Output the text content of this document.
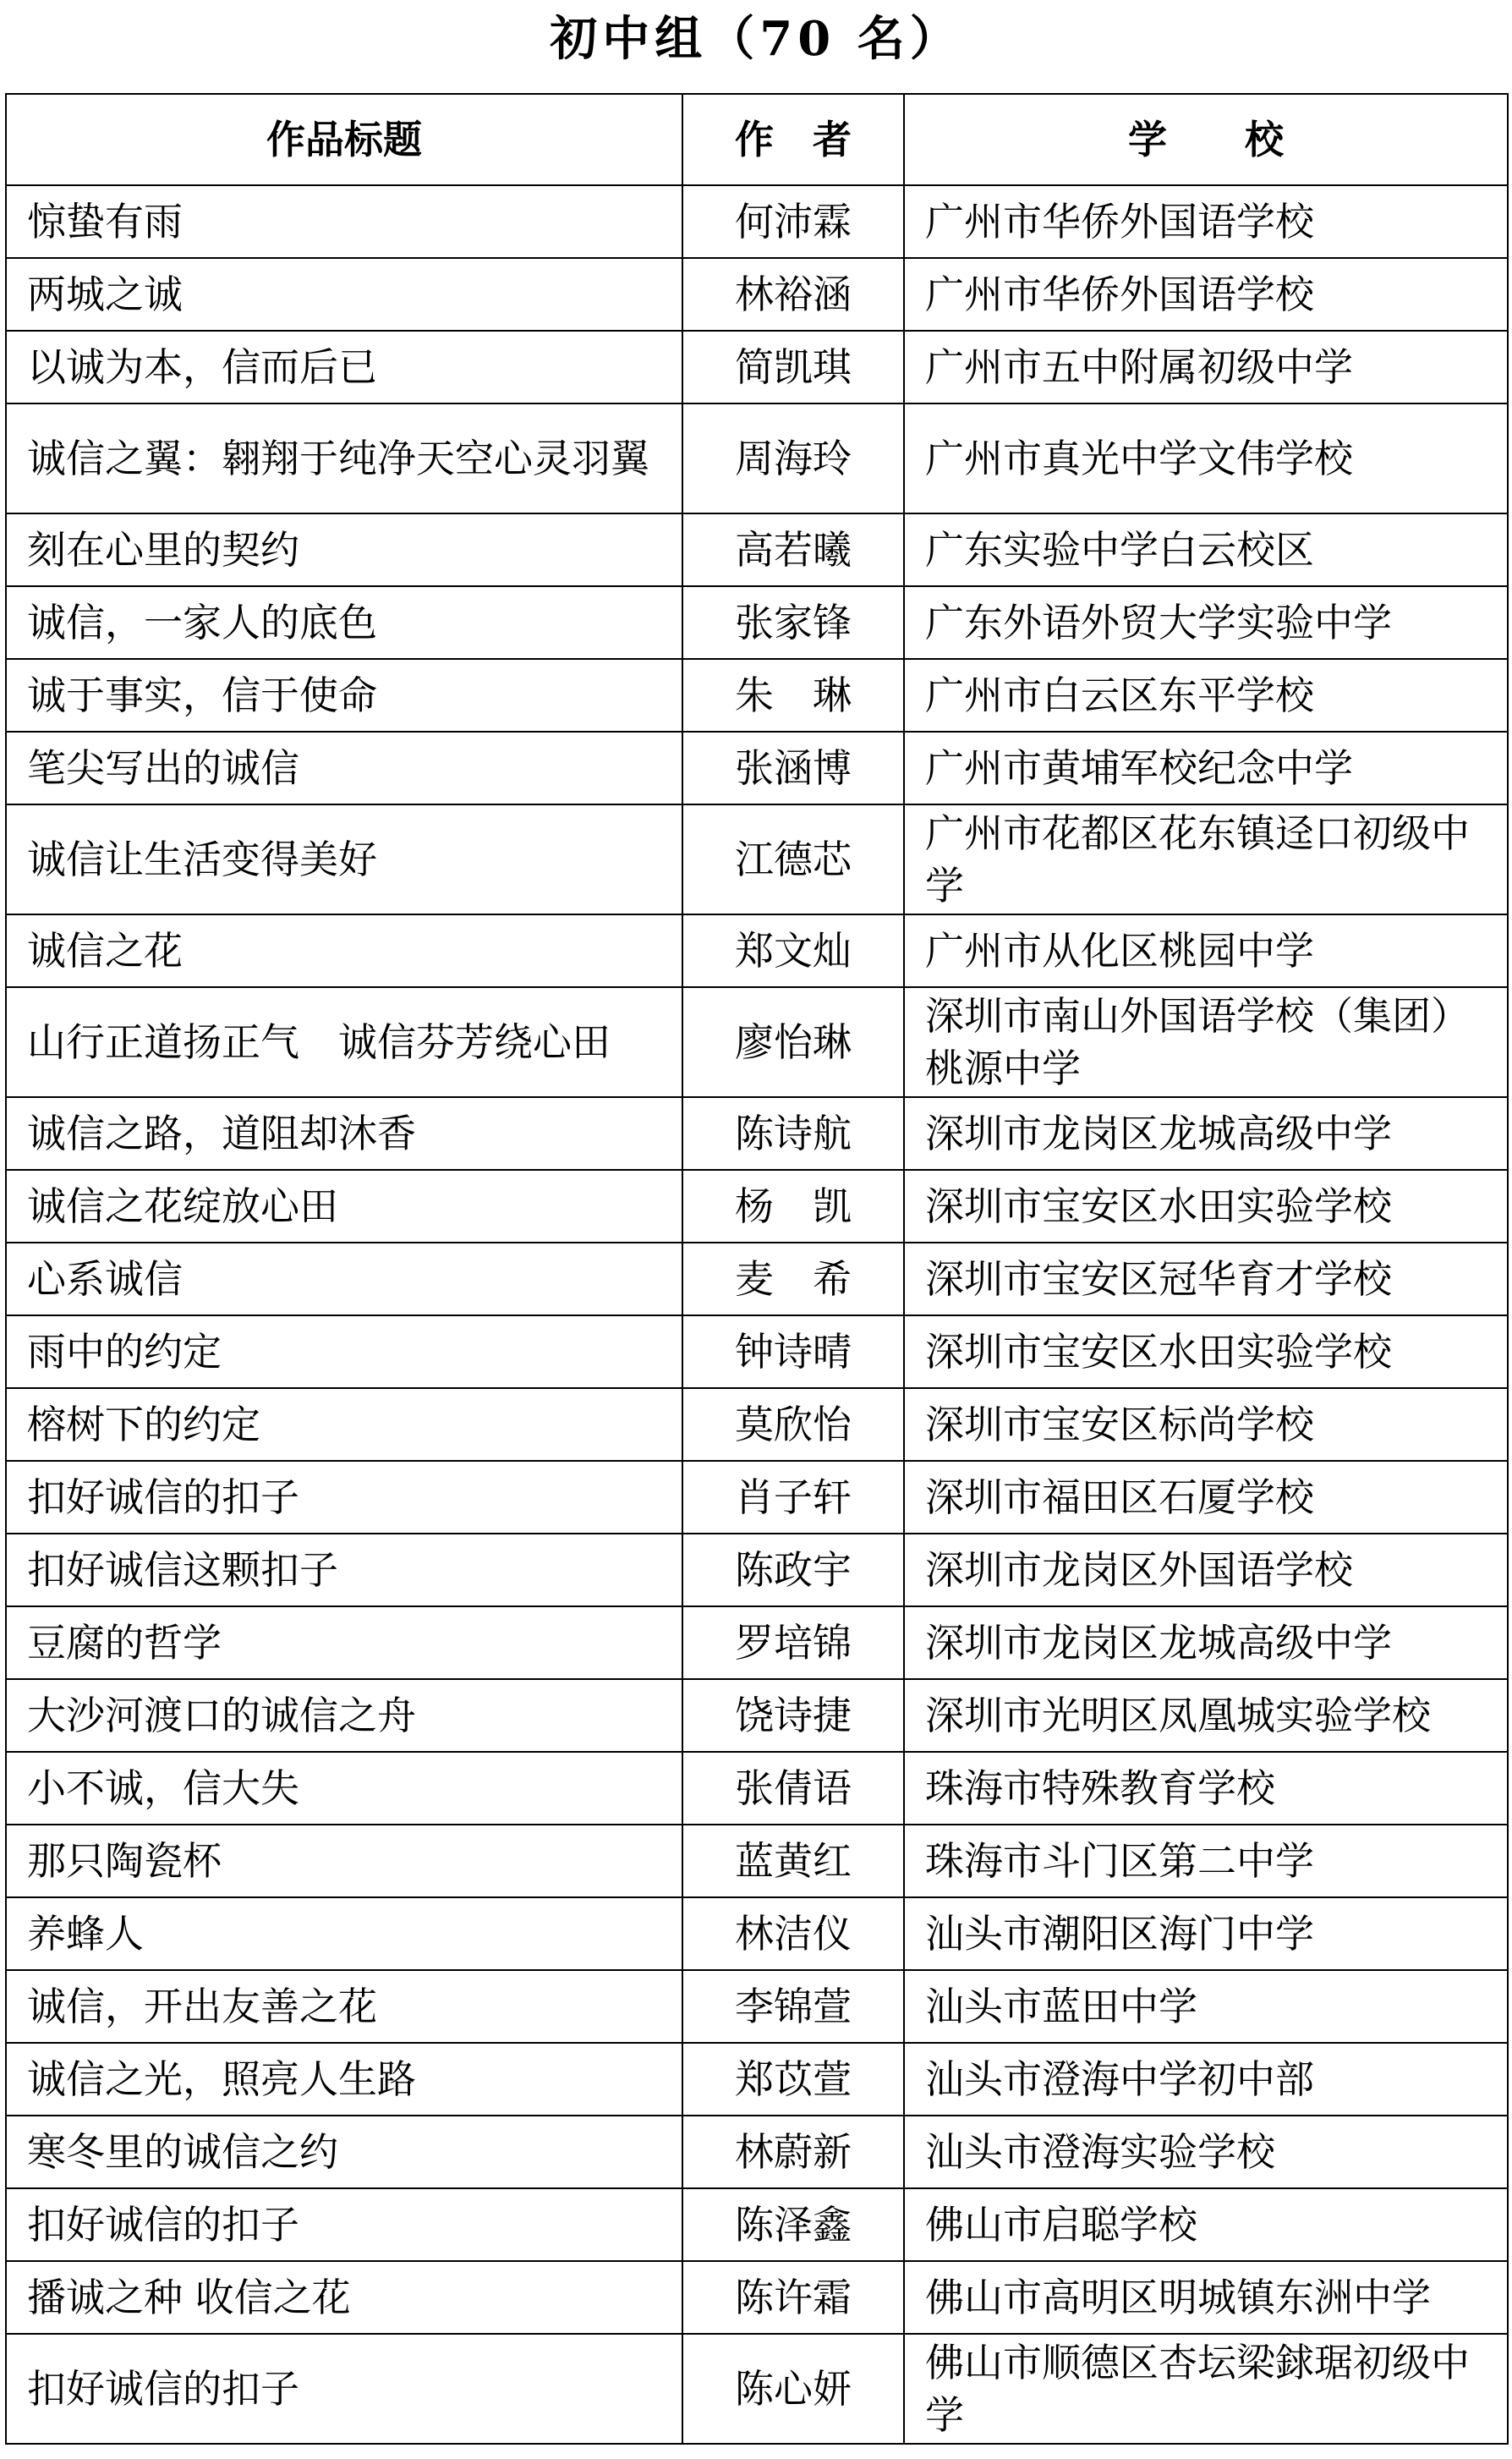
初中组（70 名）
作品标题	作　者	学　　校
惊蛰有雨	何沛霖	广州市华侨外国语学校
两城之诚	林裕涵	广州市华侨外国语学校
以诚为本，信而后已	简凯琪	广州市五中附属初级中学
诚信之翼：翱翔于纯净天空心灵羽翼	周海玲	广州市真光中学文伟学校
刻在心里的契约	高若曦	广东实验中学白云校区
诚信，一家人的底色	张家锋	广东外语外贸大学实验中学
诚于事实，信于使命	朱　琳	广州市白云区东平学校
笔尖写出的诚信	张涵博	广州市黄埔军校纪念中学
诚信让生活变得美好	江德芯	广州市花都区花东镇迳口初级中学
诚信之花	郑文灿	广州市从化区桃园中学
山行正道扬正气　诚信芬芳绕心田	廖怡琳	深圳市南山外国语学校（集团）桃源中学
诚信之路，道阻却沐香	陈诗航	深圳市龙岗区龙城高级中学
诚信之花绽放心田	杨　凯	深圳市宝安区水田实验学校
心系诚信	麦　希	深圳市宝安区冠华育才学校
雨中的约定	钟诗晴	深圳市宝安区水田实验学校
榕树下的约定	莫欣怡	深圳市宝安区标尚学校
扣好诚信的扣子	肖子轩	深圳市福田区石厦学校
扣好诚信这颗扣子	陈政宇	深圳市龙岗区外国语学校
豆腐的哲学	罗培锦	深圳市龙岗区龙城高级中学
大沙河渡口的诚信之舟	饶诗捷	深圳市光明区凤凰城实验学校
小不诚，信大失	张倩语	珠海市特殊教育学校
那只陶瓷杯	蓝黄红	珠海市斗门区第二中学
养蜂人	林洁仪	汕头市潮阳区海门中学
诚信，开出友善之花	李锦萱	汕头市蓝田中学
诚信之光，照亮人生路	郑苡萱	汕头市澄海中学初中部
寒冬里的诚信之约	林蔚新	汕头市澄海实验学校
扣好诚信的扣子	陈泽鑫	佛山市启聪学校
播诚之种 收信之花	陈许霜	佛山市高明区明城镇东洲中学
扣好诚信的扣子	陈心妍	佛山市顺德区杏坛梁銶琚初级中学
